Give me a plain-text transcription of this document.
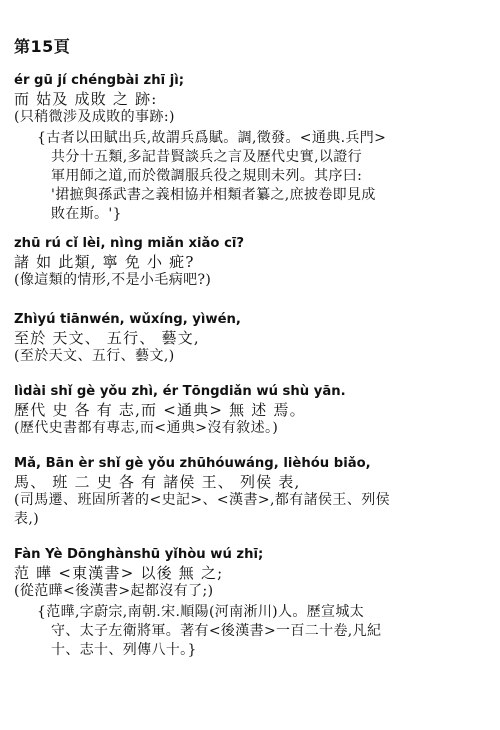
第15頁
ér gū jí chéngbài zhī jì;
而 姑及 成敗 之 跡:
(只稍微涉及成敗的事跡:)
{古者以田賦出兵,故謂兵爲賦。調,徵發。<通典.兵門>
共分十五類,多記昔賢談兵之言及歷代史實,以證行
軍用師之道,而於徵調服兵役之規則未列。其序曰:
'捃摭與孫武書之義相協并相類者纂之,庶披卷即見成
敗在斯。'}
zhū rú cǐ lèi, nìng miǎn xiǎo cī?
諸 如 此類, 寧 免 小 疵?
(像這類的情形,不是小毛病吧?)
Zhìyú tiānwén, wǔxíng, yìwén,
至於 天文、 五行、 藝文,
(至於天文、五行、藝文,)
lìdài shǐ gè yǒu zhì, ér Tōngdiǎn wú shù yān.
歷代 史 各 有 志,而 <通典> 無 述 焉。
(歷代史書都有專志,而<通典>沒有敘述。)
Mǎ, Bān èr shǐ gè yǒu zhūhóuwáng, lièhóu biǎo,
馬、 班 二 史 各 有 諸侯 王、 列侯 表,
(司馬遷、班固所著的<史記>、<漢書>,都有諸侯王、列侯
表,)
Fàn Yè Dōnghànshū yǐhòu wú zhī;
范 曄 <東漢書> 以後 無 之;
(從范曄<後漢書>起都沒有了;)
{范曄,字蔚宗,南朝.宋.順陽(河南淅川)人。歷宣城太
守、太子左衛將軍。著有<後漢書>一百二十卷,凡紀
十、志十、列傳八十。}
